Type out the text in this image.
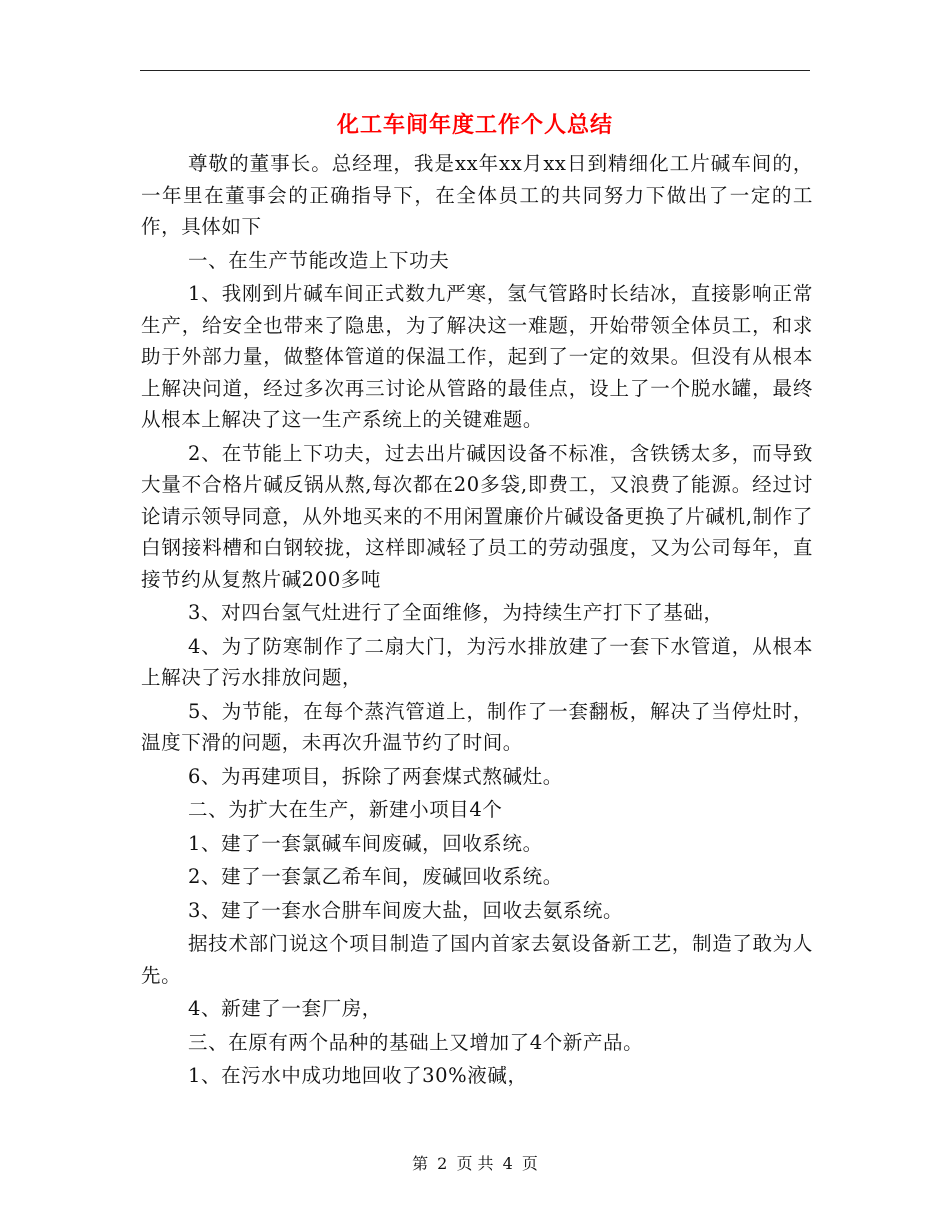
化工车间年度工作个人总结

尊敬的董事长。总经理，我是xx年xx月xx日到精细化工片碱车间的，一年里在董事会的正确指导下，在全体员工的共同努力下做出了一定的工作，具体如下

一、在生产节能改造上下功夫

1、我刚到片碱车间正式数九严寒，氢气管路时长结冰，直接影响正常生产，给安全也带来了隐患，为了解决这一难题，开始带领全体员工，和求助于外部力量，做整体管道的保温工作，起到了一定的效果。但没有从根本上解决问道，经过多次再三讨论从管路的最佳点，设上了一个脱水罐，最终从根本上解决了这一生产系统上的关键难题。

2、在节能上下功夫，过去出片碱因设备不标准，含铁锈太多，而导致大量不合格片碱反锅从熬,每次都在20多袋,即费工，又浪费了能源。经过讨论请示领导同意，从外地买来的不用闲置廉价片碱设备更换了片碱机,制作了白钢接料槽和白钢较拢，这样即减轻了员工的劳动强度，又为公司每年，直接节约从复熬片碱200多吨

3、对四台氢气灶进行了全面维修，为持续生产打下了基础，

4、为了防寒制作了二扇大门，为污水排放建了一套下水管道，从根本上解决了污水排放问题，

5、为节能，在每个蒸汽管道上，制作了一套翻板，解决了当停灶时，温度下滑的问题，未再次升温节约了时间。

6、为再建项目，拆除了两套煤式熬碱灶。

二、为扩大在生产，新建小项目4个

1、建了一套氯碱车间废碱，回收系统。

2、建了一套氯乙希车间，废碱回收系统。

3、建了一套水合肼车间废大盐，回收去氨系统。

据技术部门说这个项目制造了国内首家去氨设备新工艺，制造了敢为人先。

4、新建了一套厂房，

三、在原有两个品种的基础上又增加了4个新产品。

1、在污水中成功地回收了30%液碱，

第 2 页 共 4 页
